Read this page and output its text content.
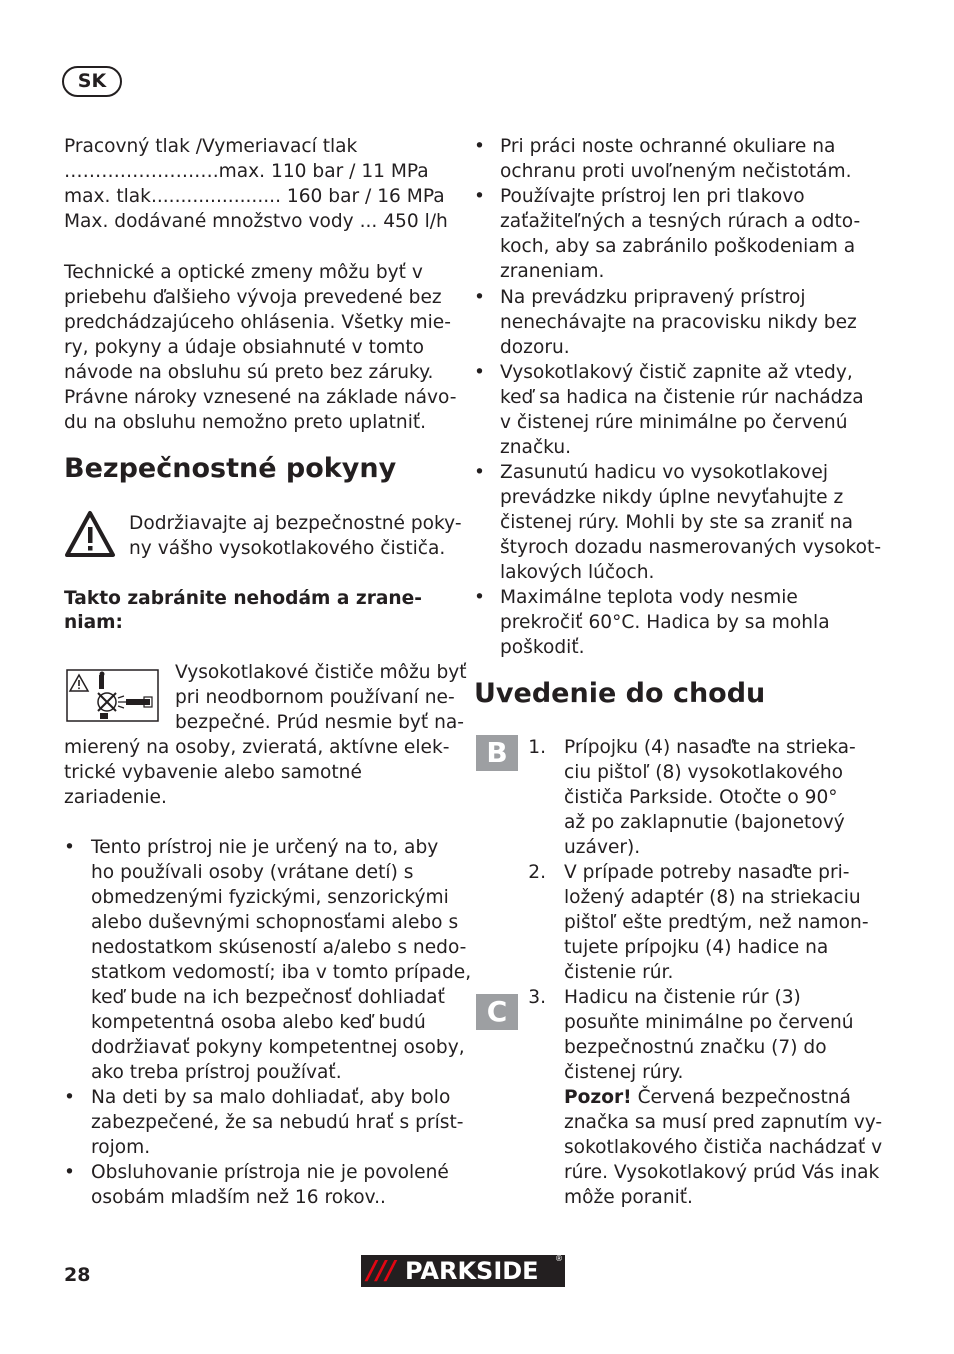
SK
Pracovný tlak /Vymeriavací tlak
…………………….max. 110 bar / 11 MPa
max. tlak...................... 160 bar / 16 MPa
Max. dodávané množstvo vody ... 450 l/h
Technické a optické zmeny môžu byť v
priebehu ďalšieho vývoja prevedené bez
predchádzajúceho ohlásenia. Všetky mie-
ry, pokyny a údaje obsiahnuté v tomto
návode na obsluhu sú preto bez záruky.
Právne nároky vznesené na základe návo-
du na obsluhu nemožno preto uplatniť.
Bezpečnostné pokyny
Dodržiavajte aj bezpečnostné poky-
ny vášho vysokotlakového čističa.
Takto zabránite nehodám a zrane-
niam:
Vysokotlakové čističe môžu byť
pri neodbornom používaní ne-
bezpečné. Prúd nesmie byť na-
mierený na osoby, zvieratá, aktívne elek-
trické vybavenie alebo samotné
zariadenie.
• Tento prístroj nie je určený na to, aby
ho používali osoby (vrátane detí) s
obmedzenými fyzickými, senzorickými
alebo duševnými schopnosťami alebo s
nedostatkom skúseností a/alebo s nedo-
statkom vedomostí; iba v tomto prípade,
keď bude na ich bezpečnosť dohliadať
kompetentná osoba alebo keď budú
dodržiavať pokyny kompetentnej osoby,
ako treba prístroj používať.
• Na deti by sa malo dohliadať, aby bolo
zabezpečené, že sa nebudú hrať s príst-
rojom.
• Obsluhovanie prístroja nie je povolené
osobám mladším než 16 rokov..
• Pri práci noste ochranné okuliare na
ochranu proti uvoľneným nečistotám.
• Používajte prístroj len pri tlakovo
zaťažiteľných a tesných rúrach a odto-
koch, aby sa zabránilo poškodeniam a
zraneniam.
• Na prevádzku pripravený prístroj
nenechávajte na pracovisku nikdy bez
dozoru.
• Vysokotlakový čistič zapnite až vtedy,
keď sa hadica na čistenie rúr nachádza
v čistenej rúre minimálne po červenú
značku.
• Zasunutú hadicu vo vysokotlakovej
prevádzke nikdy úplne nevyťahujte z
čistenej rúry. Mohli by ste sa zraniť na
štyroch dozadu nasmerovaných vysokot-
lakových lúčoch.
• Maximálne teplota vody nesmie
prekročiť 60°C. Hadica by sa mohla
poškodiť.
Uvedenie do chodu
B
C
1. Prípojku (4) nasaďte na strieka-
ciu pištoľ (8) vysokotlakového
čističa Parkside. Otočte o 90°
až po zaklapnutie (bajonetový
uzáver).
2. V prípade potreby nasaďte pri-
ložený adaptér (8) na striekaciu
pištoľ ešte predtým, než namon-
tujete prípojku (4) hadice na
čistenie rúr.
3. Hadicu na čistenie rúr (3)
posuňte minimálne po červenú
bezpečnostnú značku (7) do
čistenej rúry.
Pozor! Červená bezpečnostná
značka sa musí pred zapnutím vy-
sokotlakového čističa nachádzať v
rúre. Vysokotlakový prúd Vás inak
môže poraniť.
28	/// PARKSIDE ®
